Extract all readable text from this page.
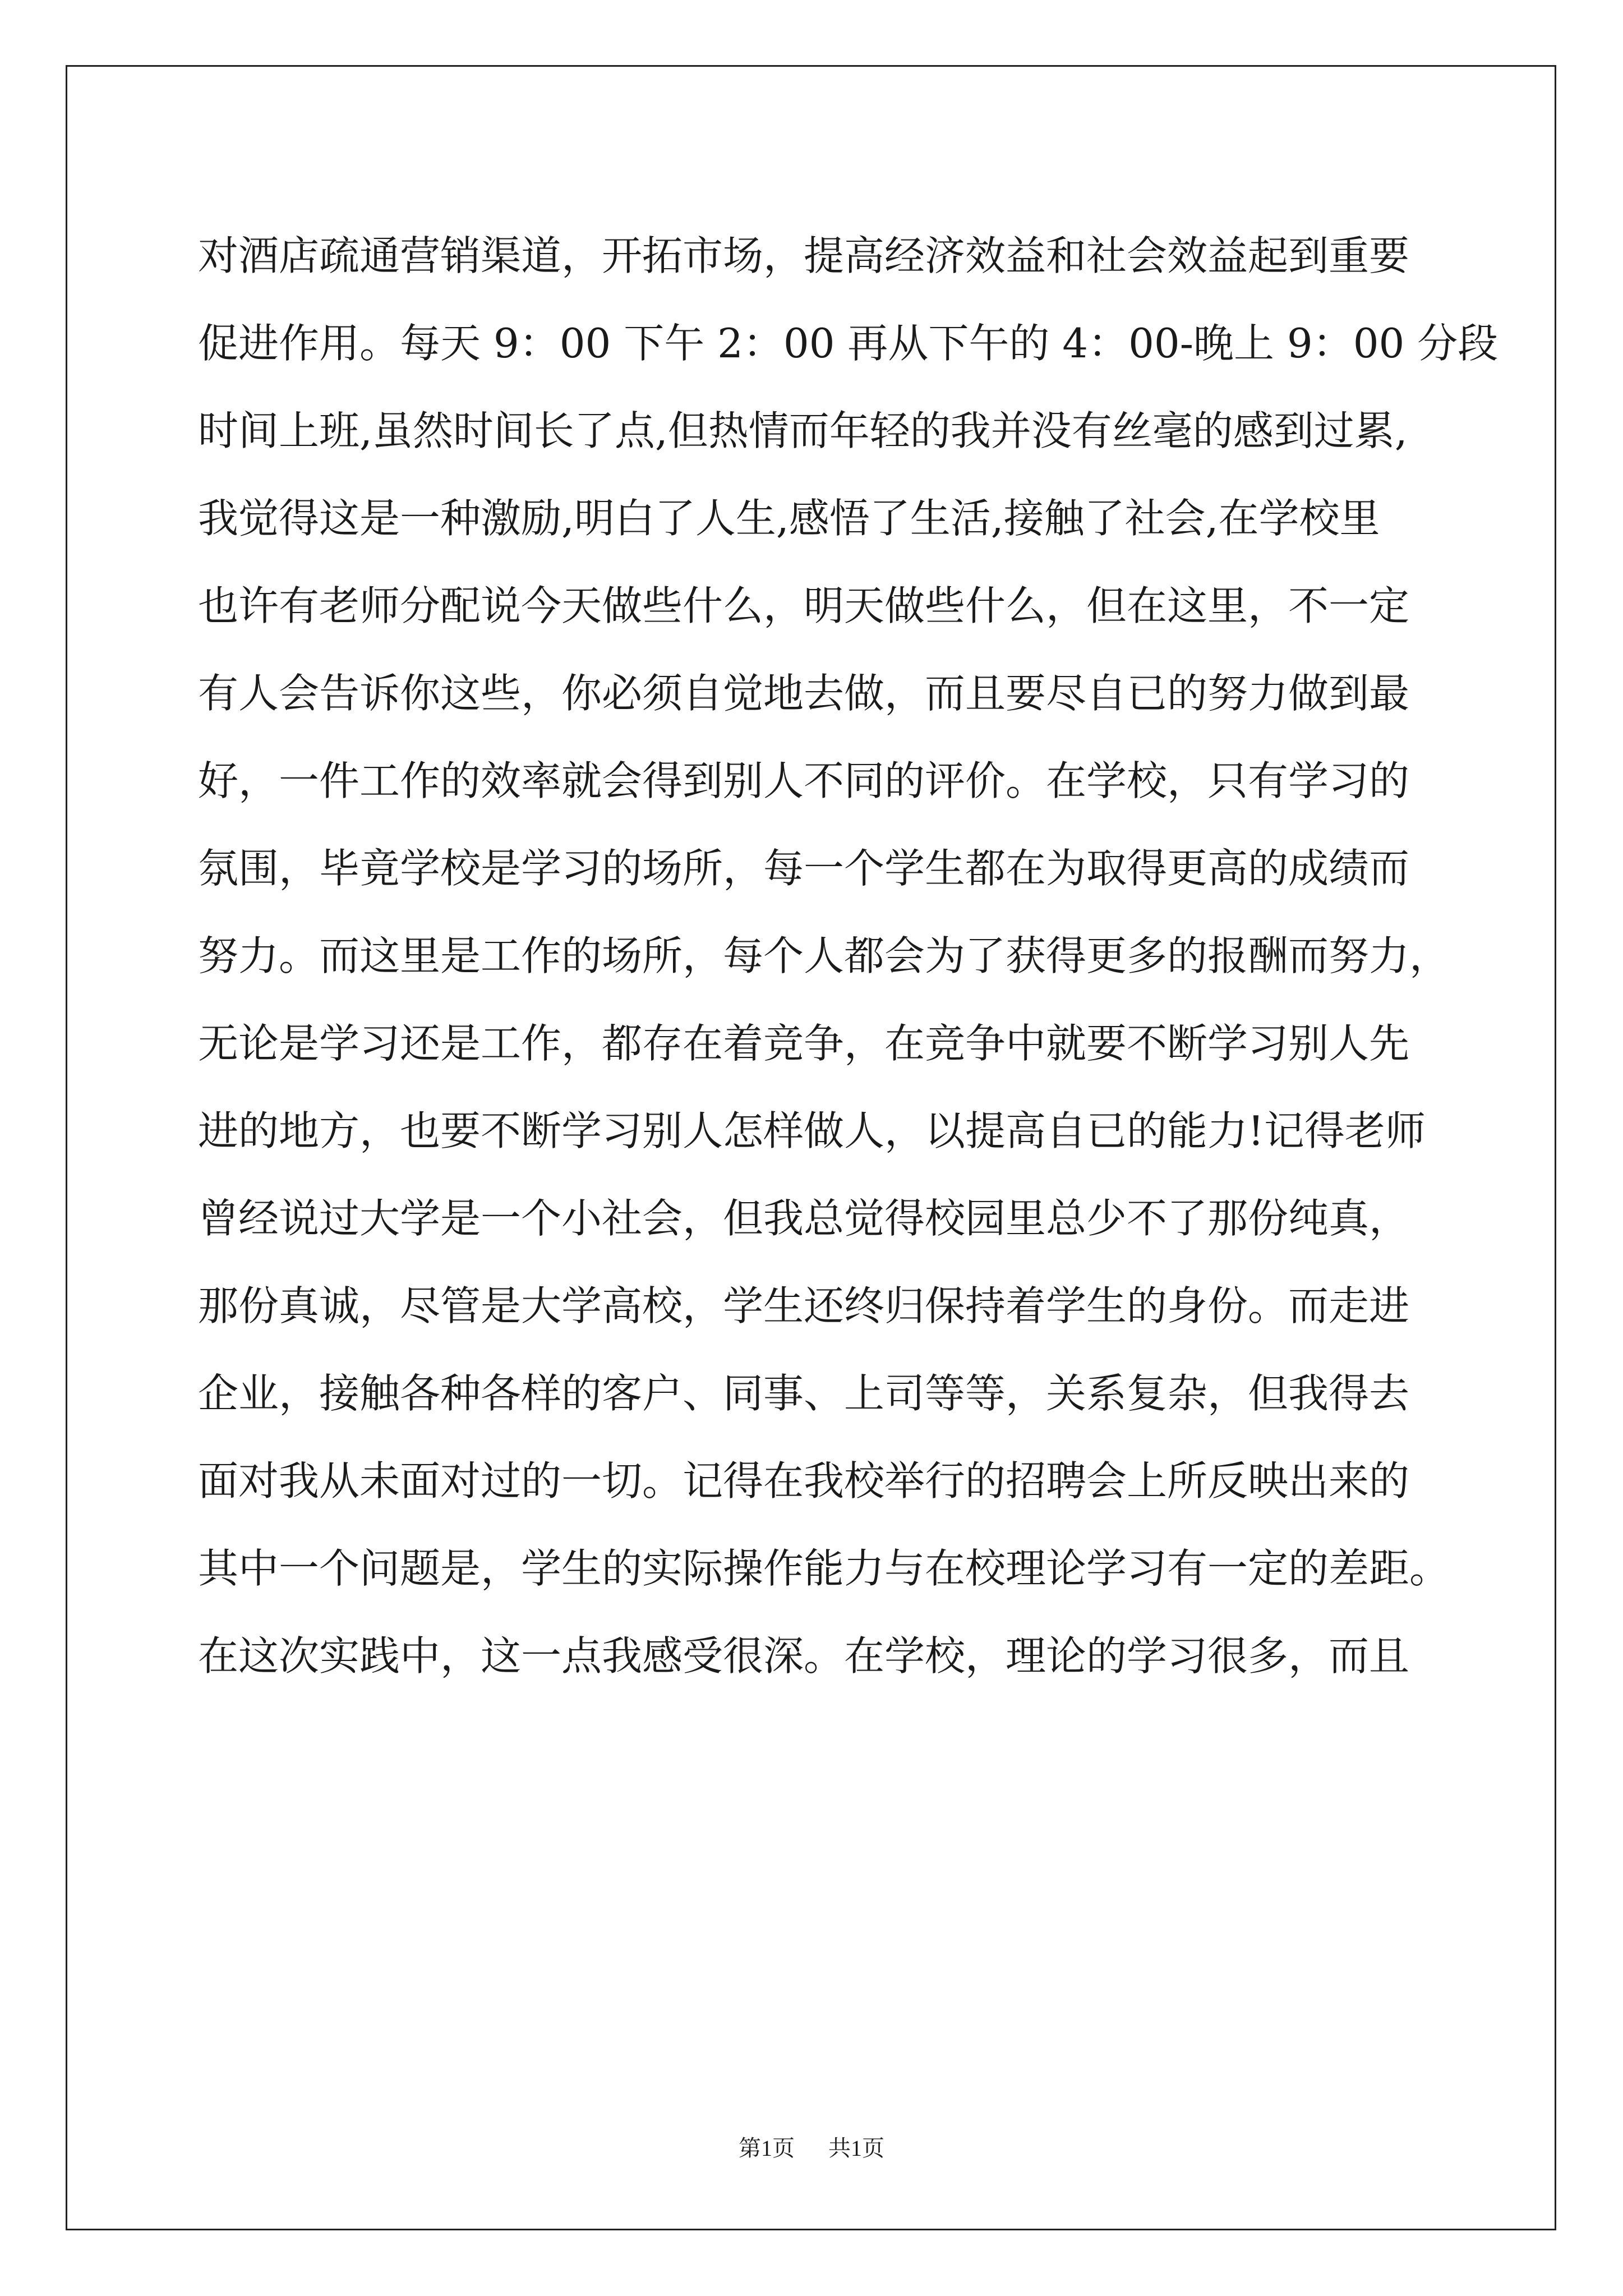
对酒店疏通营销渠道，开拓市场，提高经济效益和社会效益起到重要
促进作用。每天 9：00 下午 2：00 再从下午的 4：00-晚上 9：00 分段
时间上班,虽然时间长了点,但热情而年轻的我并没有丝毫的感到过累,
我觉得这是一种激励,明白了人生,感悟了生活,接触了社会,在学校里
也许有老师分配说今天做些什么，明天做些什么，但在这里，不一定
有人会告诉你这些，你必须自觉地去做，而且要尽自已的努力做到最
好，一件工作的效率就会得到别人不同的评价。在学校，只有学习的
氛围，毕竟学校是学习的场所，每一个学生都在为取得更高的成绩而
努力。而这里是工作的场所，每个人都会为了获得更多的报酬而努力，
无论是学习还是工作，都存在着竞争，在竞争中就要不断学习别人先
进的地方，也要不断学习别人怎样做人，以提高自已的能力!记得老师
曾经说过大学是一个小社会，但我总觉得校园里总少不了那份纯真，
那份真诚，尽管是大学高校，学生还终归保持着学生的身份。而走进
企业，接触各种各样的客户、同事、上司等等，关系复杂，但我得去
面对我从未面对过的一切。记得在我校举行的招聘会上所反映出来的
其中一个问题是，学生的实际操作能力与在校理论学习有一定的差距。
在这次实践中，这一点我感受很深。在学校，理论的学习很多，而且
第1页 共1页
